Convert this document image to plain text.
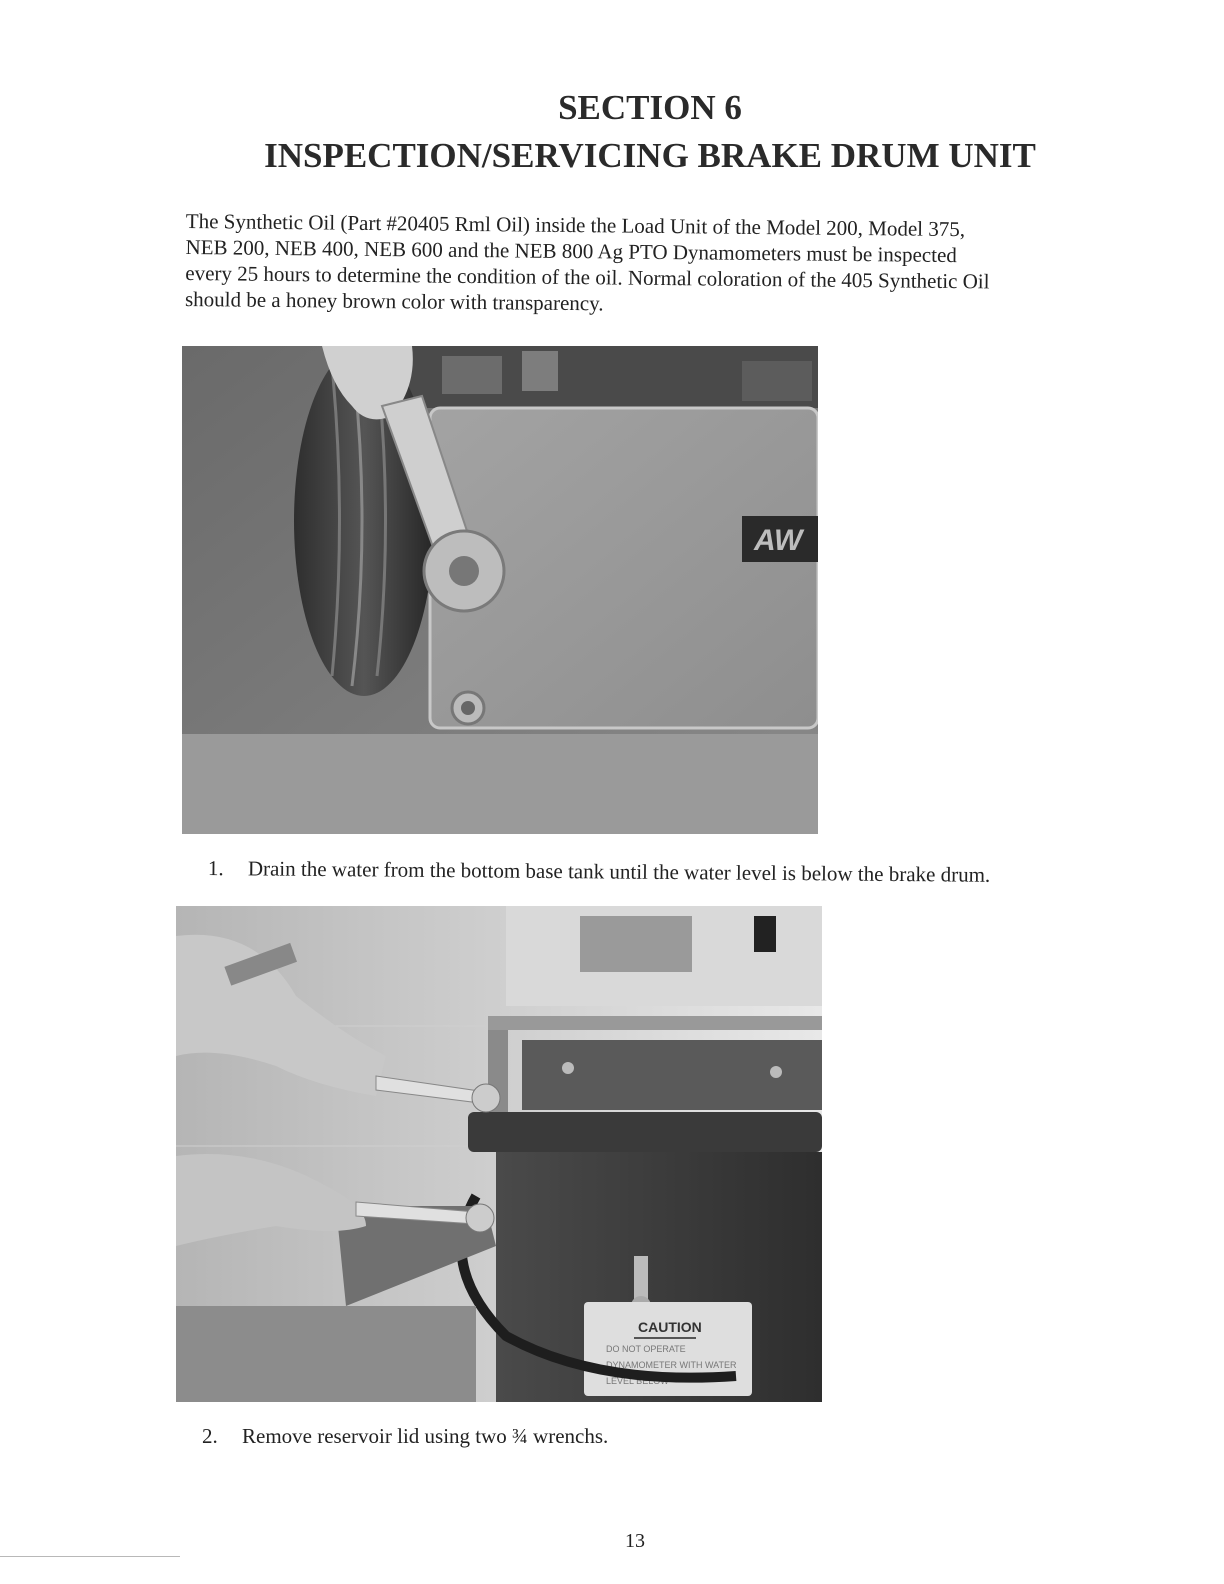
SECTION 6
INSPECTION/SERVICING BRAKE DRUM UNIT

The Synthetic Oil (Part #20405 Rml Oil) inside the Load Unit of the Model 200, Model 375,

NEB 200, NEB 400, NEB 600 and the NEB 800 Ag PTO Dynamometers must be inspected

every 25 hours to determine the condition of the oil. Normal coloration of the 405 Synthetic Oil

should be a honey brown color with transparency.

AW
1. Drain the water from the bottom base tank until the water level is below the brake drum.
CAUTION
DO NOT OPERATE
DYNAMOMETER WITH WATER
LEVEL BELOW
2. Remove reservoir lid using two ¾ wrenchs.
13
